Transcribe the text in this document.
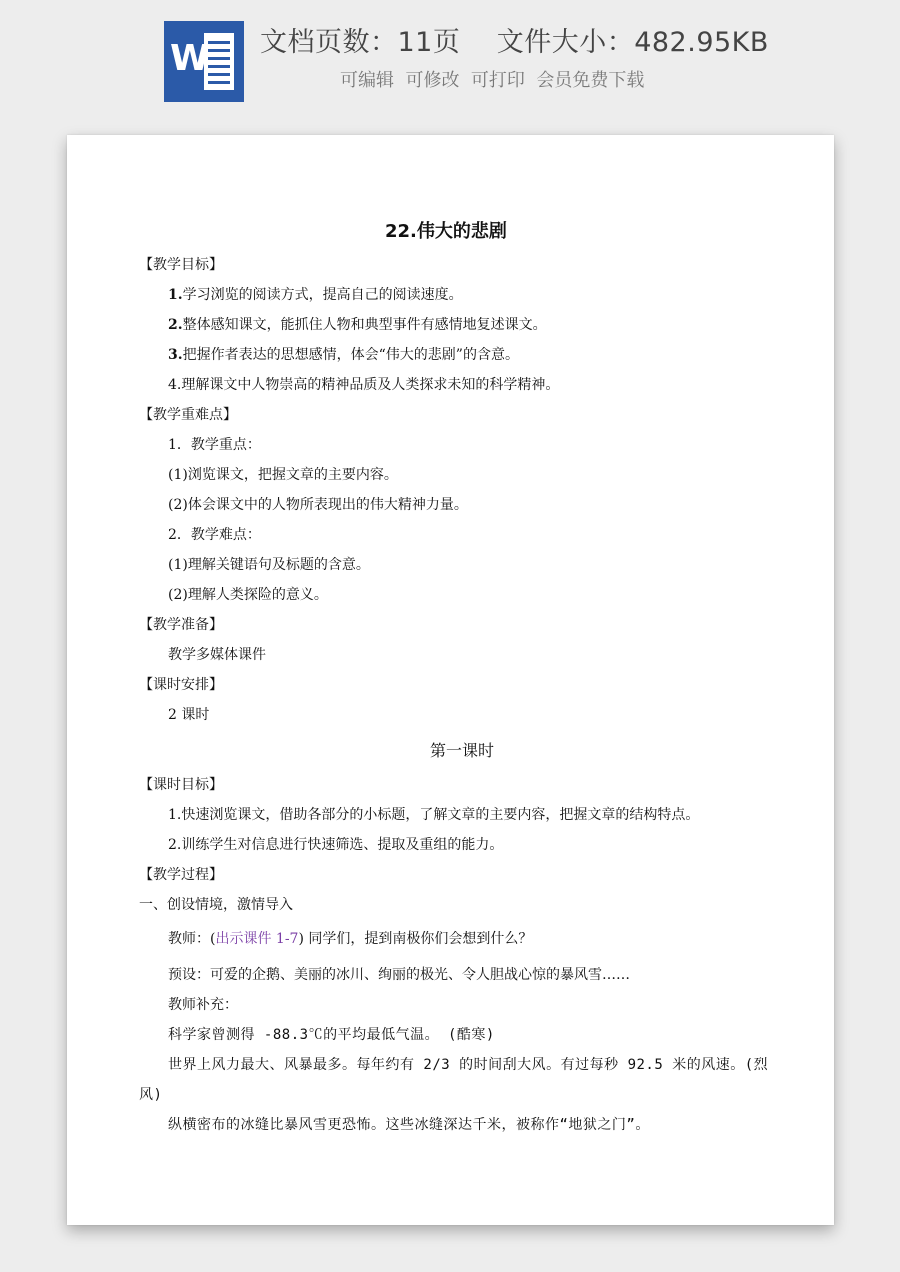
W 文档页数：11页 文件大小：482.95KB
可编辑  可修改  可打印  会员免费下载
22.伟大的悲剧
【教学目标】
1.学习浏览的阅读方式，提高自己的阅读速度。
2.整体感知课文，能抓住人物和典型事件有感情地复述课文。
3.把握作者表达的思想感情，体会“伟大的悲剧”的含意。
4.理解课文中人物崇高的精神品质及人类探求未知的科学精神。
【教学重难点】
1．教学重点：
(1)浏览课文，把握文章的主要内容。
(2)体会课文中的人物所表现出的伟大精神力量。
2．教学难点：
(1)理解关键语句及标题的含意。
(2)理解人类探险的意义。
【教学准备】
教学多媒体课件
【课时安排】
2 课时
第一课时
【课时目标】
1.快速浏览课文，借助各部分的小标题，了解文章的主要内容，把握文章的结构特点。
2.训练学生对信息进行快速筛选、提取及重组的能力。
【教学过程】
一、创设情境，激情导入
教师：(出示课件 1-7) 同学们，提到南极你们会想到什么？
预设：可爱的企鹅、美丽的冰川、绚丽的极光、令人胆战心惊的暴风雪……
教师补充：
科学家曾测得 -88.3℃的平均最低气温。 (酷寒)
世界上风力最大、风暴最多。每年约有 2/3 的时间刮大风。有过每秒 92.5 米的风速。(烈
风)
纵横密布的冰缝比暴风雪更恐怖。这些冰缝深达千米，被称作“地狱之门”。
